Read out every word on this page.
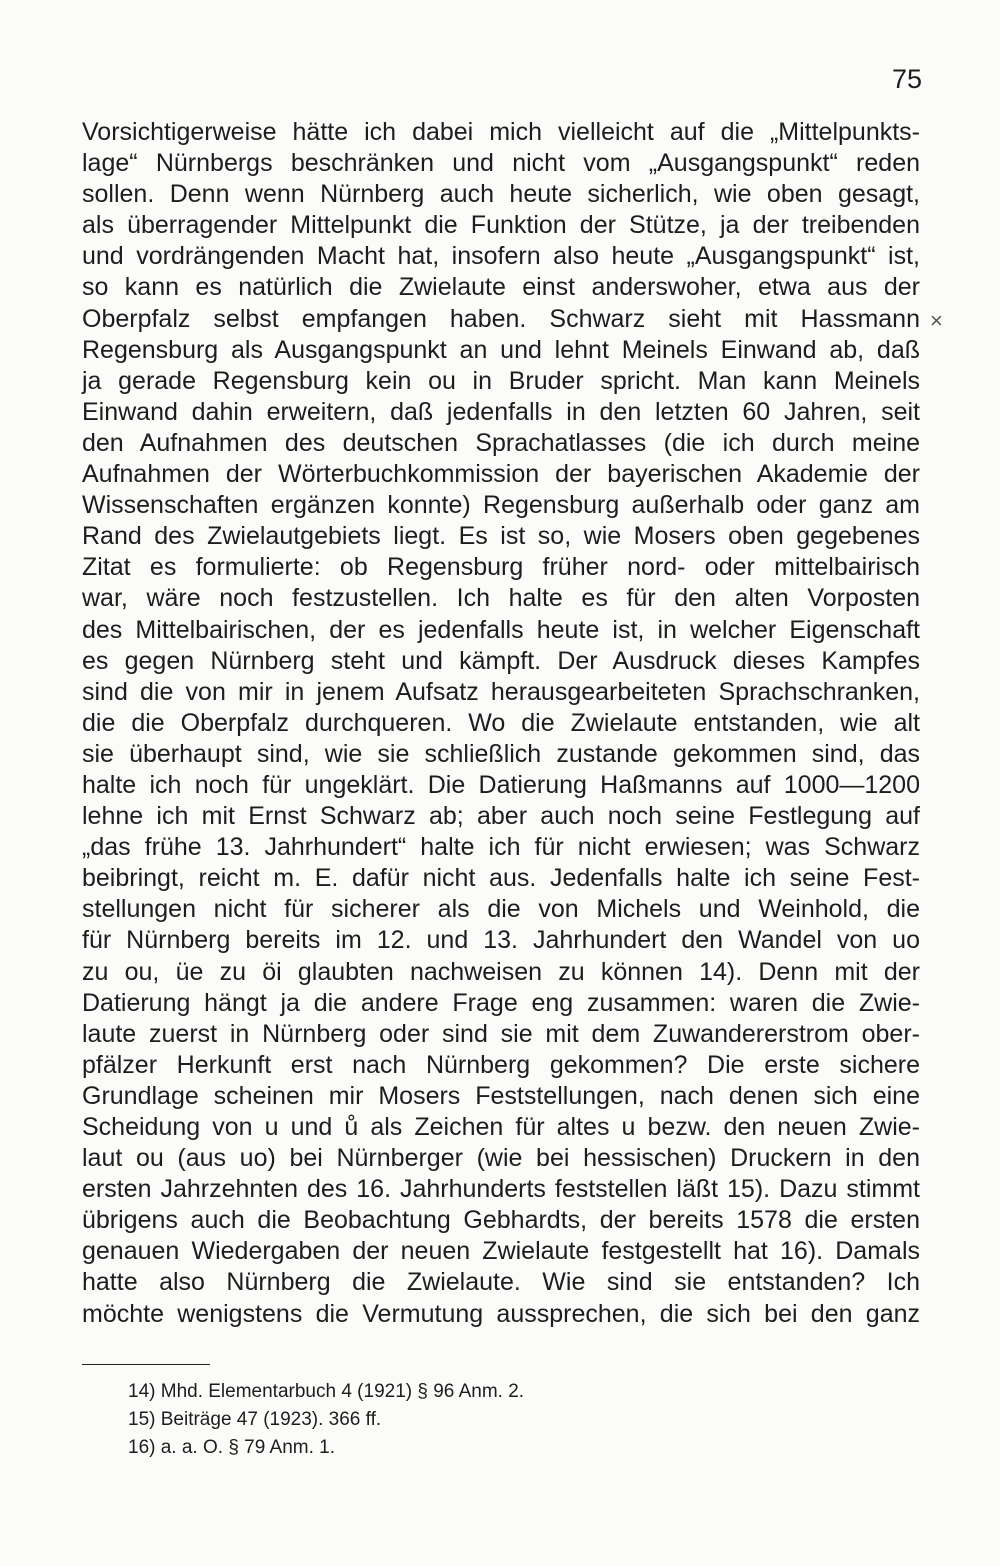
75
×
Vorsichtigerweise hätte ich dabei mich vielleicht auf die „Mittelpunkts-
lage“ Nürnbergs beschränken und nicht vom „Ausgangspunkt“ reden
sollen. Denn wenn Nürnberg auch heute sicherlich, wie oben gesagt,
als überragender Mittelpunkt die Funktion der Stütze, ja der treibenden
und vordrängenden Macht hat, insofern also heute „Ausgangspunkt“ ist,
so kann es natürlich die Zwielaute einst anderswoher, etwa aus der
Oberpfalz selbst empfangen haben. Schwarz sieht mit Hassmann
Regensburg als Ausgangspunkt an und lehnt Meinels Einwand ab, daß
ja gerade Regensburg kein ou in Bruder spricht. Man kann Meinels
Einwand dahin erweitern, daß jedenfalls in den letzten 60 Jahren, seit
den Aufnahmen des deutschen Sprachatlasses (die ich durch meine
Aufnahmen der Wörterbuchkommission der bayerischen Akademie der
Wissenschaften ergänzen konnte) Regensburg außerhalb oder ganz am
Rand des Zwielautgebiets liegt. Es ist so, wie Mosers oben gegebenes
Zitat es formulierte: ob Regensburg früher nord- oder mittelbairisch
war, wäre noch festzustellen. Ich halte es für den alten Vorposten
des Mittelbairischen, der es jedenfalls heute ist, in welcher Eigenschaft
es gegen Nürnberg steht und kämpft. Der Ausdruck dieses Kampfes
sind die von mir in jenem Aufsatz herausgearbeiteten Sprachschranken,
die die Oberpfalz durchqueren. Wo die Zwielaute entstanden, wie alt
sie überhaupt sind, wie sie schließlich zustande gekommen sind, das
halte ich noch für ungeklärt. Die Datierung Haßmanns auf 1000—1200
lehne ich mit Ernst Schwarz ab; aber auch noch seine Festlegung auf
„das frühe 13. Jahrhundert“ halte ich für nicht erwiesen; was Schwarz
beibringt, reicht m. E. dafür nicht aus. Jedenfalls halte ich seine Fest-
stellungen nicht für sicherer als die von Michels und Weinhold, die
für Nürnberg bereits im 12. und 13. Jahrhundert den Wandel von uo
zu ou, üe zu öi glaubten nachweisen zu können 14). Denn mit der
Datierung hängt ja die andere Frage eng zusammen: waren die Zwie-
laute zuerst in Nürnberg oder sind sie mit dem Zuwandererstrom ober-
pfälzer Herkunft erst nach Nürnberg gekommen? Die erste sichere
Grundlage scheinen mir Mosers Feststellungen, nach denen sich eine
Scheidung von u und ů als Zeichen für altes u bezw. den neuen Zwie-
laut ou (aus uo) bei Nürnberger (wie bei hessischen) Druckern in den
ersten Jahrzehnten des 16. Jahrhunderts feststellen läßt 15). Dazu stimmt
übrigens auch die Beobachtung Gebhardts, der bereits 1578 die ersten
genauen Wiedergaben der neuen Zwielaute festgestellt hat 16). Damals
hatte also Nürnberg die Zwielaute. Wie sind sie entstanden? Ich
möchte wenigstens die Vermutung aussprechen, die sich bei den ganz
14) Mhd. Elementarbuch 4 (1921) § 96 Anm. 2.
15) Beiträge 47 (1923). 366 ff.
16) a. a. O. § 79 Anm. 1.
